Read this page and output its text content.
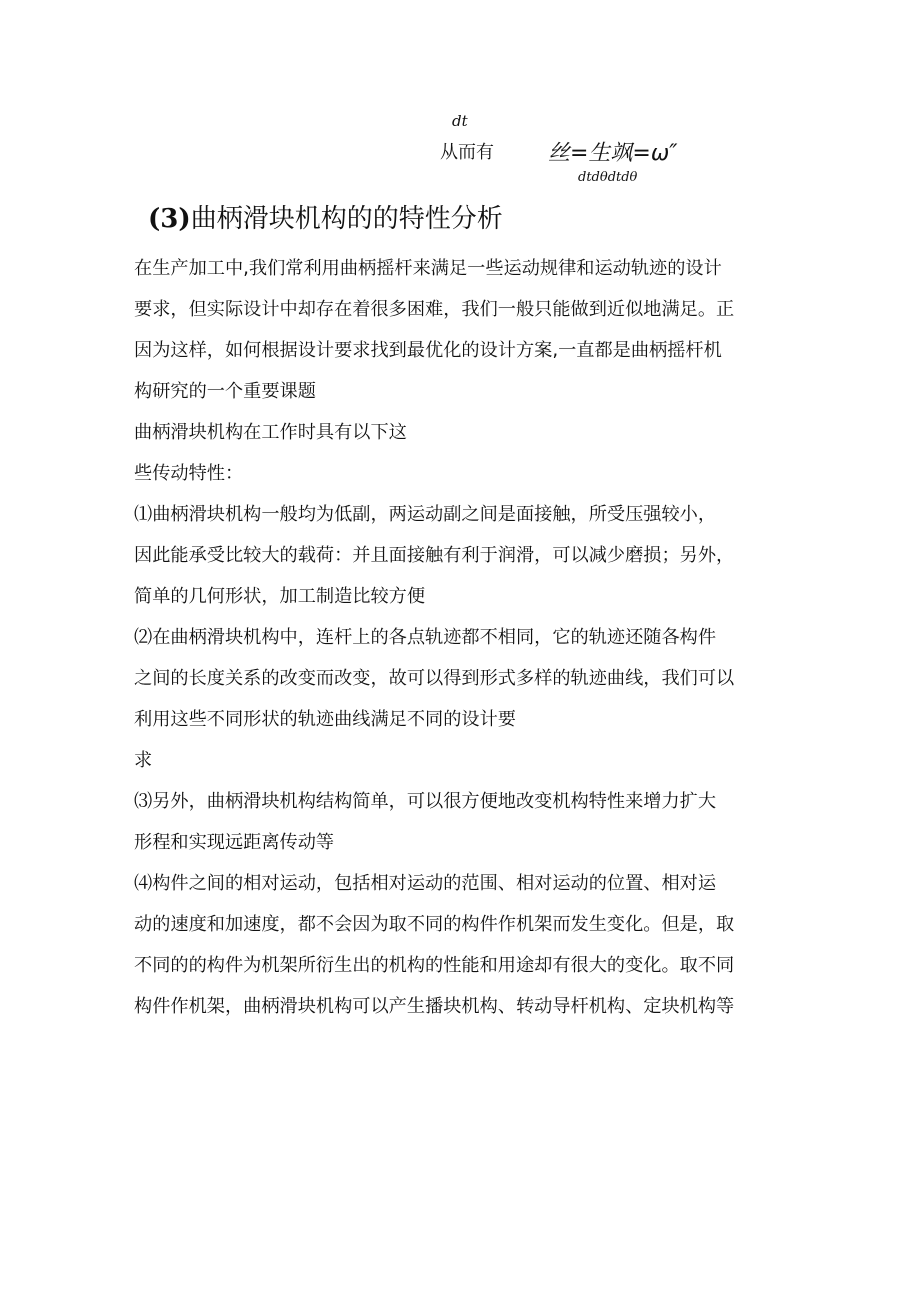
dt
从而有 丝=生飒=ω″
dtdθdtdθ
(3)曲柄滑块机构的的特性分析
在生产加工中,我们常利用曲柄摇杆来满足一些运动规律和运动轨迹的设计
要求，但实际设计中却存在着很多困难，我们一般只能做到近似地满足。正
因为这样，如何根据设计要求找到最优化的设计方案,一直都是曲柄摇杆机
构研究的一个重要课题
曲柄滑块机构在工作时具有以下这
些传动特性：
⑴曲柄滑块机构一般均为低副，两运动副之间是面接触，所受压强较小，
因此能承受比较大的载荷：并且面接触有利于润滑，可以减少磨损；另外，
简单的几何形状，加工制造比较方便
⑵在曲柄滑块机构中，连杆上的各点轨迹都不相同，它的轨迹还随各构件
之间的长度关系的改变而改变，故可以得到形式多样的轨迹曲线，我们可以
利用这些不同形状的轨迹曲线满足不同的设计要
求
⑶另外，曲柄滑块机构结构简单，可以很方便地改变机构特性来增力扩大
形程和实现远距离传动等
⑷构件之间的相对运动，包括相对运动的范围、相对运动的位置、相对运
动的速度和加速度，都不会因为取不同的构件作机架而发生变化。但是，取
不同的的构件为机架所衍生出的机构的性能和用途却有很大的变化。取不同
构件作机架，曲柄滑块机构可以产生播块机构、转动导杆机构、定块机构等
